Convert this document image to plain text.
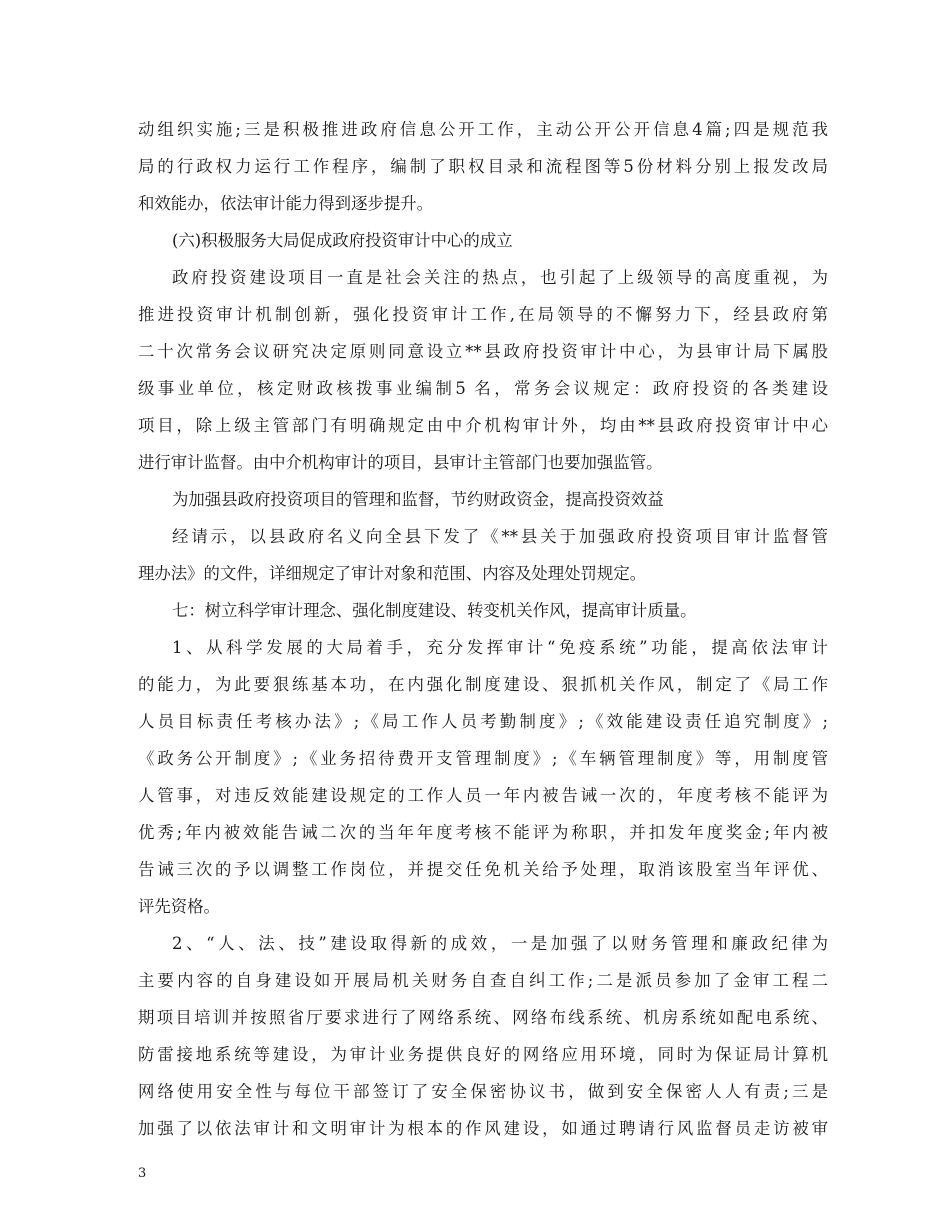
动组织实施;三是积极推进政府信息公开工作，主动公开公开信息4篇;四是规范我
局的行政权力运行工作程序，编制了职权目录和流程图等5份材料分别上报发改局
和效能办，依法审计能力得到逐步提升。
(六)积极服务大局促成政府投资审计中心的成立
政府投资建设项目一直是社会关注的热点，也引起了上级领导的高度重视，为
推进投资审计机制创新，强化投资审计工作,在局领导的不懈努力下，经县政府第
二十次常务会议研究决定原则同意设立**县政府投资审计中心，为县审计局下属股
级事业单位，核定财政核拨事业编制5 名，常务会议规定：政府投资的各类建设
项目，除上级主管部门有明确规定由中介机构审计外，均由**县政府投资审计中心
进行审计监督。由中介机构审计的项目，县审计主管部门也要加强监管。
为加强县政府投资项目的管理和监督，节约财政资金，提高投资效益
经请示，以县政府名义向全县下发了《**县关于加强政府投资项目审计监督管
理办法》的文件，详细规定了审计对象和范围、内容及处理处罚规定。
七：树立科学审计理念、强化制度建设、转变机关作风，提高审计质量。
1、从科学发展的大局着手，充分发挥审计“免疫系统”功能，提高依法审计
的能力，为此要狠练基本功，在内强化制度建设、狠抓机关作风，制定了《局工作
人员目标责任考核办法》;《局工作人员考勤制度》;《效能建设责任追究制度》;
《政务公开制度》;《业务招待费开支管理制度》;《车辆管理制度》等，用制度管
人管事，对违反效能建设规定的工作人员一年内被告诫一次的，年度考核不能评为
优秀;年内被效能告诫二次的当年年度考核不能评为称职，并扣发年度奖金;年内被
告诫三次的予以调整工作岗位，并提交任免机关给予处理，取消该股室当年评优、
评先资格。
2、“人、法、技”建设取得新的成效，一是加强了以财务管理和廉政纪律为
主要内容的自身建设如开展局机关财务自查自纠工作;二是派员参加了金审工程二
期项目培训并按照省厅要求进行了网络系统、网络布线系统、机房系统如配电系统、
防雷接地系统等建设，为审计业务提供良好的网络应用环境，同时为保证局计算机
网络使用安全性与每位干部签订了安全保密协议书，做到安全保密人人有责;三是
加强了以依法审计和文明审计为根本的作风建设，如通过聘请行风监督员走访被审
3
